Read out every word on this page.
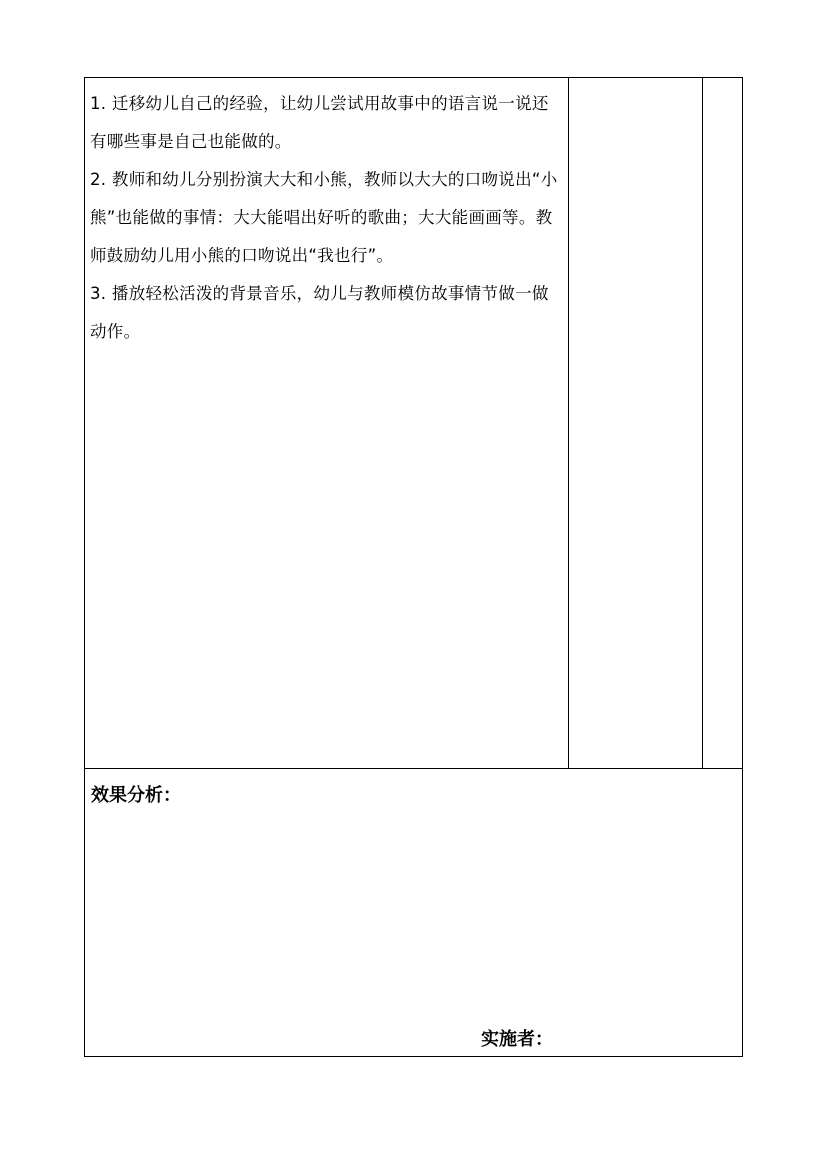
1. 迁移幼儿自己的经验，让幼儿尝试用故事中的语言说一说还有哪些事是自己也能做的。

2. 教师和幼儿分别扮演大大和小熊，教师以大大的口吻说出“小熊”也能做的事情：大大能唱出好听的歌曲；大大能画画等。教师鼓励幼儿用小熊的口吻说出“我也行”。

3. 播放轻松活泼的背景音乐，幼儿与教师模仿故事情节做一做动作。

效果分析：
实施者：
